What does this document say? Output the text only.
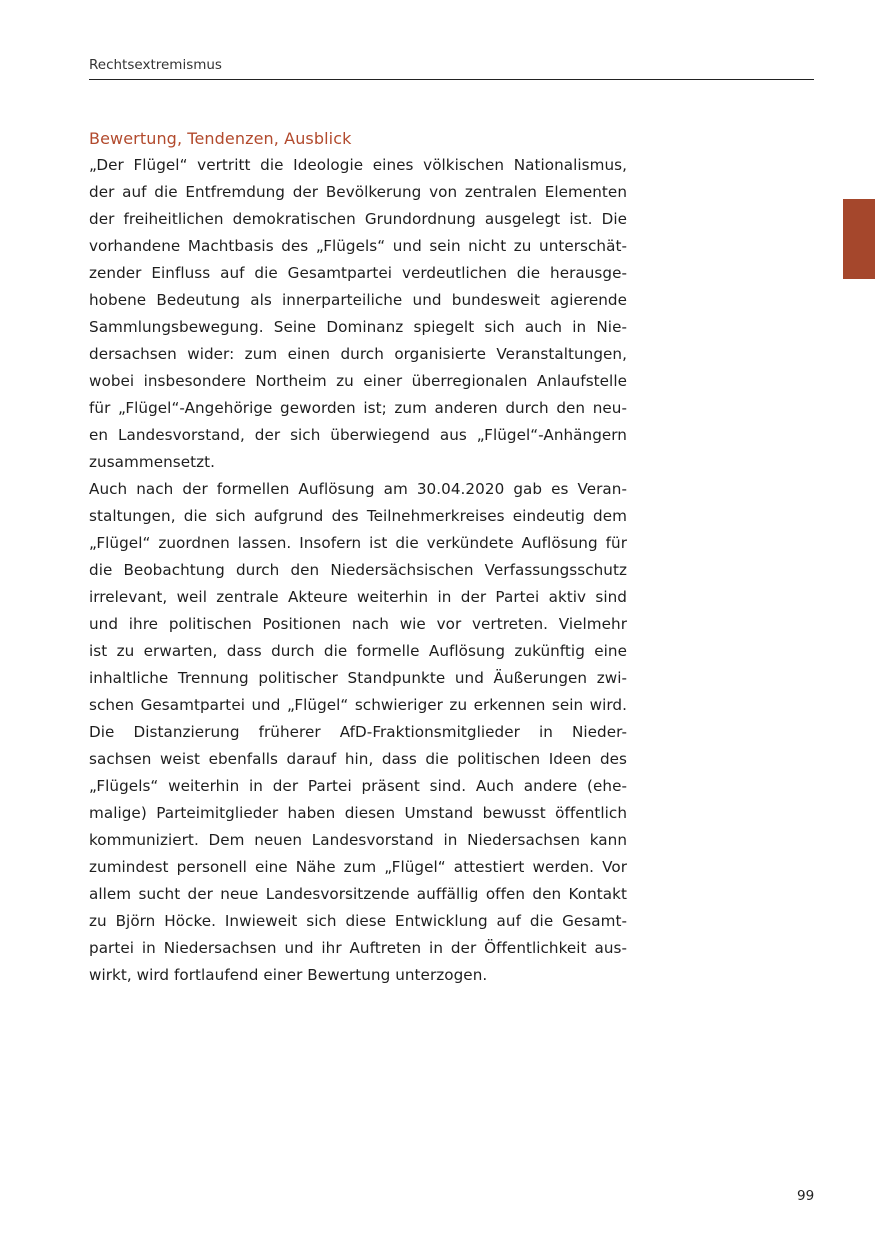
Rechtsextremismus
Bewertung, Tendenzen, Ausblick
„Der Flügel“ vertritt die Ideologie eines völkischen Nationalismus,
der auf die Entfremdung der Bevölkerung von zentralen Elementen
der freiheitlichen demokratischen Grundordnung ausgelegt ist. Die
vorhandene Machtbasis des „Flügels“ und sein nicht zu unterschät-
zender Einfluss auf die Gesamtpartei verdeutlichen die herausge-
hobene Bedeutung als innerparteiliche und bundesweit agierende
Sammlungsbewegung. Seine Dominanz spiegelt sich auch in Nie-
dersachsen wider: zum einen durch organisierte Veranstaltungen,
wobei insbesondere Northeim zu einer überregionalen Anlaufstelle
für „Flügel“-Angehörige geworden ist; zum anderen durch den neu-
en Landesvorstand, der sich überwiegend aus „Flügel“-Anhängern
zusammensetzt.
Auch nach der formellen Auflösung am 30.04.2020 gab es Veran-
staltungen, die sich aufgrund des Teilnehmerkreises eindeutig dem
„Flügel“ zuordnen lassen. Insofern ist die verkündete Auflösung für
die Beobachtung durch den Niedersächsischen Verfassungsschutz
irrelevant, weil zentrale Akteure weiterhin in der Partei aktiv sind
und ihre politischen Positionen nach wie vor vertreten. Vielmehr
ist zu erwarten, dass durch die formelle Auflösung zukünftig eine
inhaltliche Trennung politischer Standpunkte und Äußerungen zwi-
schen Gesamtpartei und „Flügel“ schwieriger zu erkennen sein wird.
Die Distanzierung früherer AfD-Fraktionsmitglieder in Nieder-
sachsen weist ebenfalls darauf hin, dass die politischen Ideen des
„Flügels“ weiterhin in der Partei präsent sind. Auch andere (ehe-
malige) Parteimitglieder haben diesen Umstand bewusst öffentlich
kommuniziert. Dem neuen Landesvorstand in Niedersachsen kann
zumindest personell eine Nähe zum „Flügel“ attestiert werden. Vor
allem sucht der neue Landesvorsitzende auffällig offen den Kontakt
zu Björn Höcke. Inwieweit sich diese Entwicklung auf die Gesamt-
partei in Niedersachsen und ihr Auftreten in der Öffentlichkeit aus-
wirkt, wird fortlaufend einer Bewertung unterzogen.
99
